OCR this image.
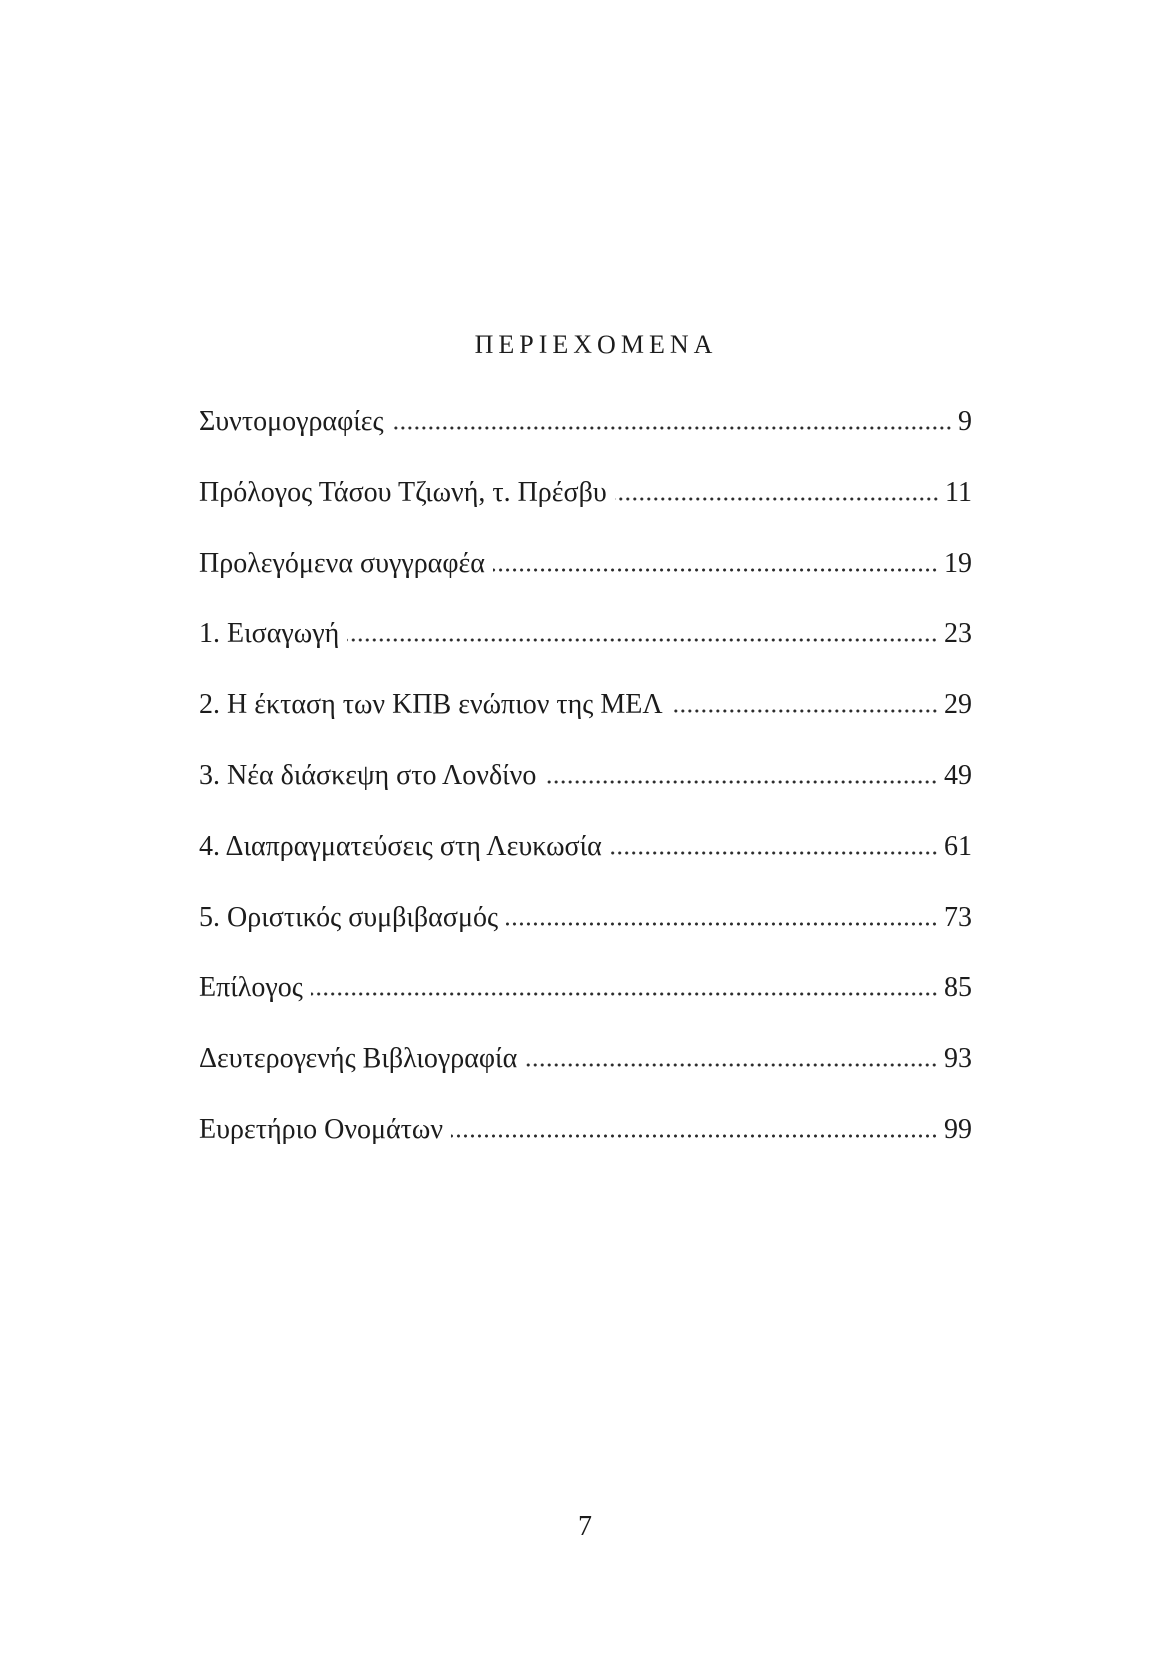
ΠΕΡΙΕΧΟΜΕΝΑ
Συντομογραφίες	9
Πρόλογος Τάσου Τζιωνή, τ. Πρέσβυ	11
Προλεγόμενα συγγραφέα	19
1. Εισαγωγή	23
2. Η έκταση των ΚΠΒ ενώπιον της ΜΕΛ	29
3. Νέα διάσκεψη στο Λονδίνο	49
4. Διαπραγματεύσεις στη Λευκωσία	61
5. Οριστικός συμβιβασμός	73
Επίλογος	85
Δευτερογενής Βιβλιογραφία	93
Ευρετήριο Ονομάτων	99
7
